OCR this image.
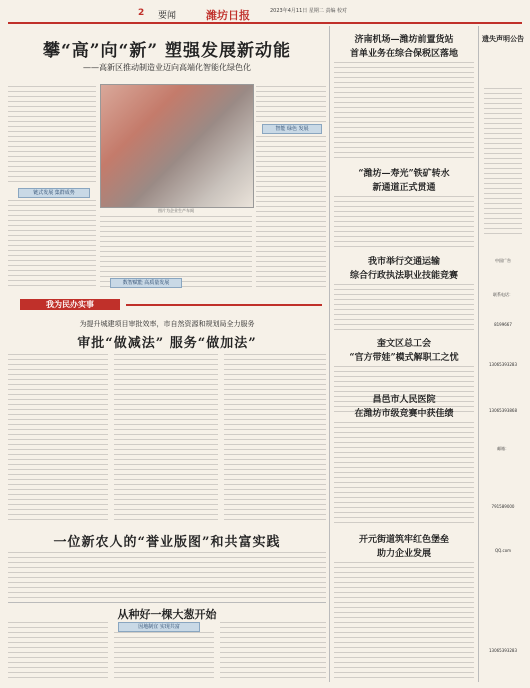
2 要闻	潍坊日报	2023年4月11日 星期二 责编 校对
攀“高”向“新” 塑强发展新动能
——高新区推动制造业迈向高端化智能化绿色化
链式发展 集群成势
图片为企业生产车间
智能 绿色 发展
数智赋能 高质量发展
我为民办实事
为提升城建项目审批效率，市自然资源和规划局全力服务
审批“做减法” 服务“做加法”
一位新农人的“誉业版图”和共富实践
从种好一棵大葱开始
因地制宜 实现共富
济南机场—潍坊前置货站
首单业务在综合保税区落地
“潍坊—寿光”铁矿转水
新通道正式贯通
我市举行交通运输
综合行政执法职业技能竞赛
奎文区总工会
“官方带娃”模式解职工之忧
昌邑市人民医院
在潍坊市级竞赛中获佳绩
开元街道筑牢红色堡垒
助力企业发展
遗失声明公告
中国广告
联系电话：
8199667
13065393283
13065393868
邮箱：
791589000
QQ.com
13065393283
